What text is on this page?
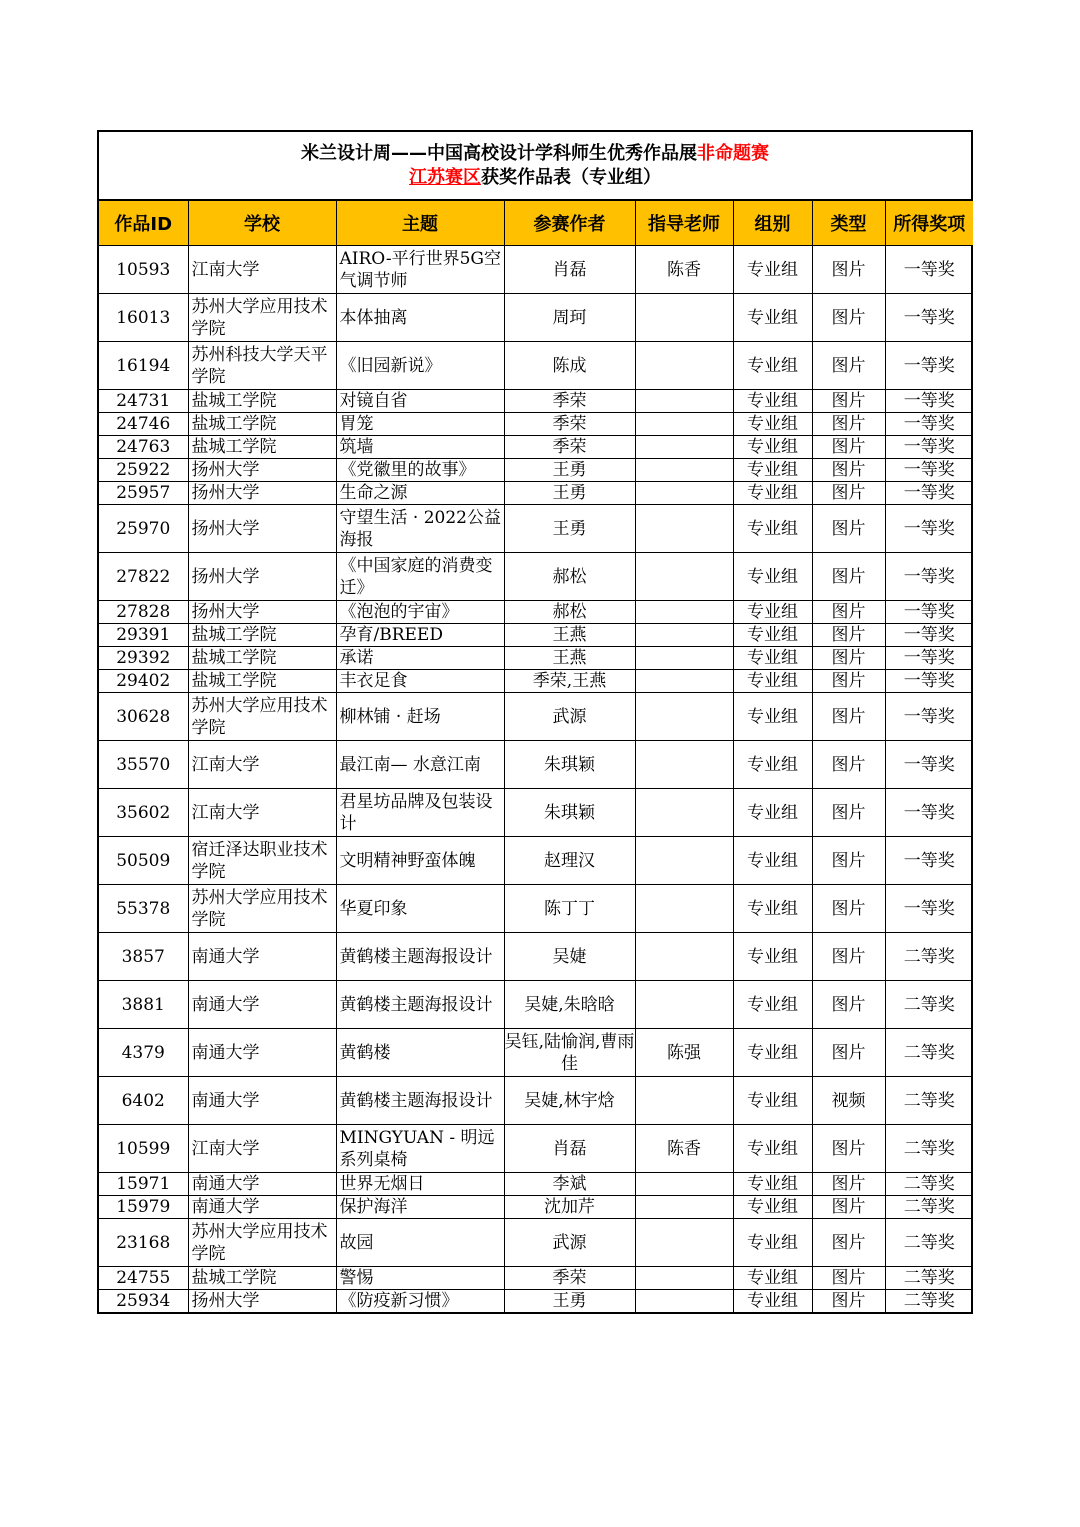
米兰设计周——中国高校设计学科师生优秀作品展非命题赛
江苏赛区获奖作品表（专业组）
作品ID	学校	主题	参赛作者	指导老师	组别	类型	所得奖项
10593	江南大学	AIRO-平行世界5G空气调节师	肖磊	陈香	专业组	图片	一等奖
16013	苏州大学应用技术学院	本体抽离	周珂		专业组	图片	一等奖
16194	苏州科技大学天平学院	《旧园新说》	陈成		专业组	图片	一等奖
24731	盐城工学院	对镜自省	季荣		专业组	图片	一等奖
24746	盐城工学院	胃笼	季荣		专业组	图片	一等奖
24763	盐城工学院	筑墙	季荣		专业组	图片	一等奖
25922	扬州大学	《党徽里的故事》	王勇		专业组	图片	一等奖
25957	扬州大学	生命之源	王勇		专业组	图片	一等奖
25970	扬州大学	守望生活 · 2022公益海报	王勇		专业组	图片	一等奖
27822	扬州大学	《中国家庭的消费变迁》	郝松		专业组	图片	一等奖
27828	扬州大学	《泡泡的宇宙》	郝松		专业组	图片	一等奖
29391	盐城工学院	孕育/BREED	王燕		专业组	图片	一等奖
29392	盐城工学院	承诺	王燕		专业组	图片	一等奖
29402	盐城工学院	丰衣足食	季荣,王燕		专业组	图片	一等奖
30628	苏州大学应用技术学院	柳林铺 · 赶场	武源		专业组	图片	一等奖
35570	江南大学	最江南— 水意江南	朱琪颖		专业组	图片	一等奖
35602	江南大学	君星坊品牌及包装设计	朱琪颖		专业组	图片	一等奖
50509	宿迁泽达职业技术学院	文明精神野蛮体魄	赵理汉		专业组	图片	一等奖
55378	苏州大学应用技术学院	华夏印象	陈丁丁		专业组	图片	一等奖
3857	南通大学	黄鹤楼主题海报设计	吴婕		专业组	图片	二等奖
3881	南通大学	黄鹤楼主题海报设计	吴婕,朱晗晗		专业组	图片	二等奖
4379	南通大学	黄鹤楼	吴钰,陆愉润,曹雨佳	陈强	专业组	图片	二等奖
6402	南通大学	黄鹤楼主题海报设计	吴婕,林宇焓		专业组	视频	二等奖
10599	江南大学	MINGYUAN - 明远系列桌椅	肖磊	陈香	专业组	图片	二等奖
15971	南通大学	世界无烟日	李斌		专业组	图片	二等奖
15979	南通大学	保护海洋	沈加芹		专业组	图片	二等奖
23168	苏州大学应用技术学院	故园	武源		专业组	图片	二等奖
24755	盐城工学院	警惕	季荣		专业组	图片	二等奖
25934	扬州大学	《防疫新习惯》	王勇		专业组	图片	二等奖
